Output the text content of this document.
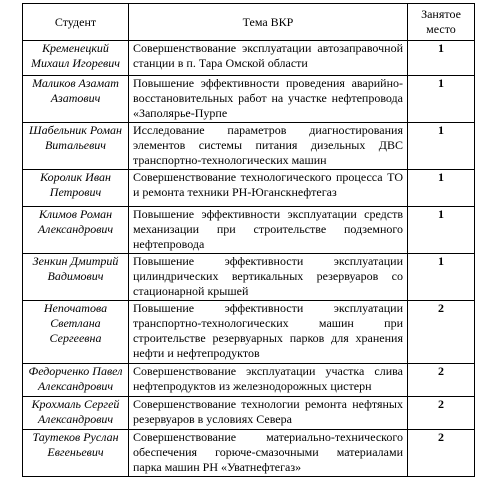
Студент	Тема ВКР	Занятое место
Кременецкий Михаил Игоревич	Совершенствование эксплуатации автозаправочной станции в п. Тара Омской области	1
Маликов Азамат Азатович	Повышение эффективности проведения аварийно-восстановительных работ на участке нефтепровода «Заполярье-Пурпе	1
Шабельник Роман Витальевич	Исследование параметров диагностирования элементов системы питания дизельных ДВС транспортно-технологических машин	1
Королик Иван Петрович	Совершенствование технологического процесса ТО и ремонта техники РН-Юганскнефтегаз	1
Климов Роман Александрович	Повышение эффективности эксплуатации средств механизации при строительстве подземного нефтепровода	1
Зенкин Дмитрий Вадимович	Повышение эффективности эксплуатации цилиндрических вертикальных резервуаров со стационарной крышей	1
Непочатова Светлана Сергеевна	Повышение эффективности эксплуатации транспортно-технологических машин при строительстве резервуарных парков для хранения нефти и нефтепродуктов	2
Федорченко Павел Александрович	Совершенствование эксплуатации участка слива нефтепродуктов из железнодорожных цистерн	2
Крохмаль Сергей Александрович	Совершенствование технологии ремонта нефтяных резервуаров в условиях Севера	2
Таутеков Руслан Евгеньевич	Совершенствование материально-технического обеспечения горюче-смазочными материалами парка машин РН «Уватнефтегаз»	2
